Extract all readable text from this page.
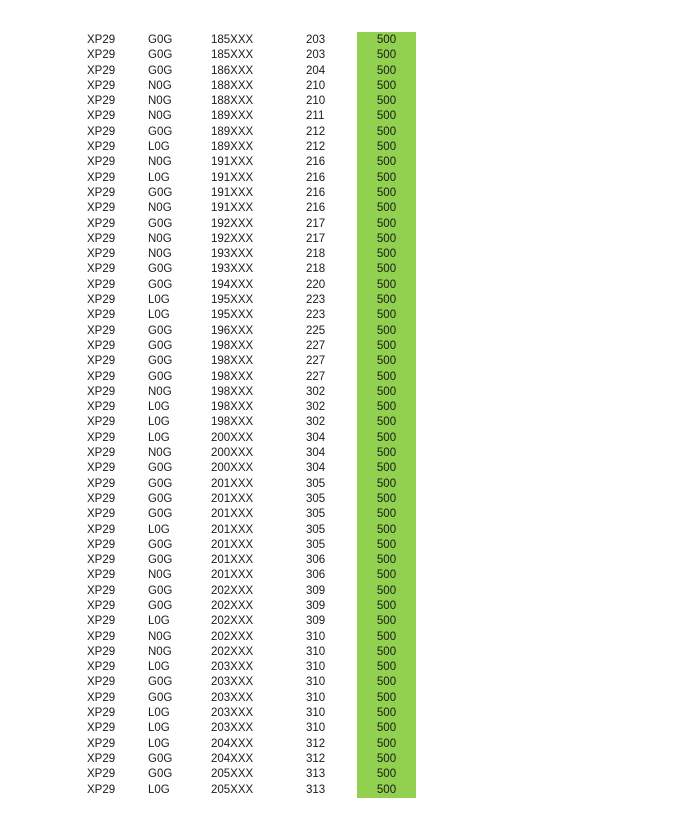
XP29	G0G	185XXX	203	500
XP29	G0G	185XXX	203	500
XP29	G0G	186XXX	204	500
XP29	N0G	188XXX	210	500
XP29	N0G	188XXX	210	500
XP29	N0G	189XXX	211	500
XP29	G0G	189XXX	212	500
XP29	L0G	189XXX	212	500
XP29	N0G	191XXX	216	500
XP29	L0G	191XXX	216	500
XP29	G0G	191XXX	216	500
XP29	N0G	191XXX	216	500
XP29	G0G	192XXX	217	500
XP29	N0G	192XXX	217	500
XP29	N0G	193XXX	218	500
XP29	G0G	193XXX	218	500
XP29	G0G	194XXX	220	500
XP29	L0G	195XXX	223	500
XP29	L0G	195XXX	223	500
XP29	G0G	196XXX	225	500
XP29	G0G	198XXX	227	500
XP29	G0G	198XXX	227	500
XP29	G0G	198XXX	227	500
XP29	N0G	198XXX	302	500
XP29	L0G	198XXX	302	500
XP29	L0G	198XXX	302	500
XP29	L0G	200XXX	304	500
XP29	N0G	200XXX	304	500
XP29	G0G	200XXX	304	500
XP29	G0G	201XXX	305	500
XP29	G0G	201XXX	305	500
XP29	G0G	201XXX	305	500
XP29	L0G	201XXX	305	500
XP29	G0G	201XXX	305	500
XP29	G0G	201XXX	306	500
XP29	N0G	201XXX	306	500
XP29	G0G	202XXX	309	500
XP29	G0G	202XXX	309	500
XP29	L0G	202XXX	309	500
XP29	N0G	202XXX	310	500
XP29	N0G	202XXX	310	500
XP29	L0G	203XXX	310	500
XP29	G0G	203XXX	310	500
XP29	G0G	203XXX	310	500
XP29	L0G	203XXX	310	500
XP29	L0G	203XXX	310	500
XP29	L0G	204XXX	312	500
XP29	G0G	204XXX	312	500
XP29	G0G	205XXX	313	500
XP29	L0G	205XXX	313	500
